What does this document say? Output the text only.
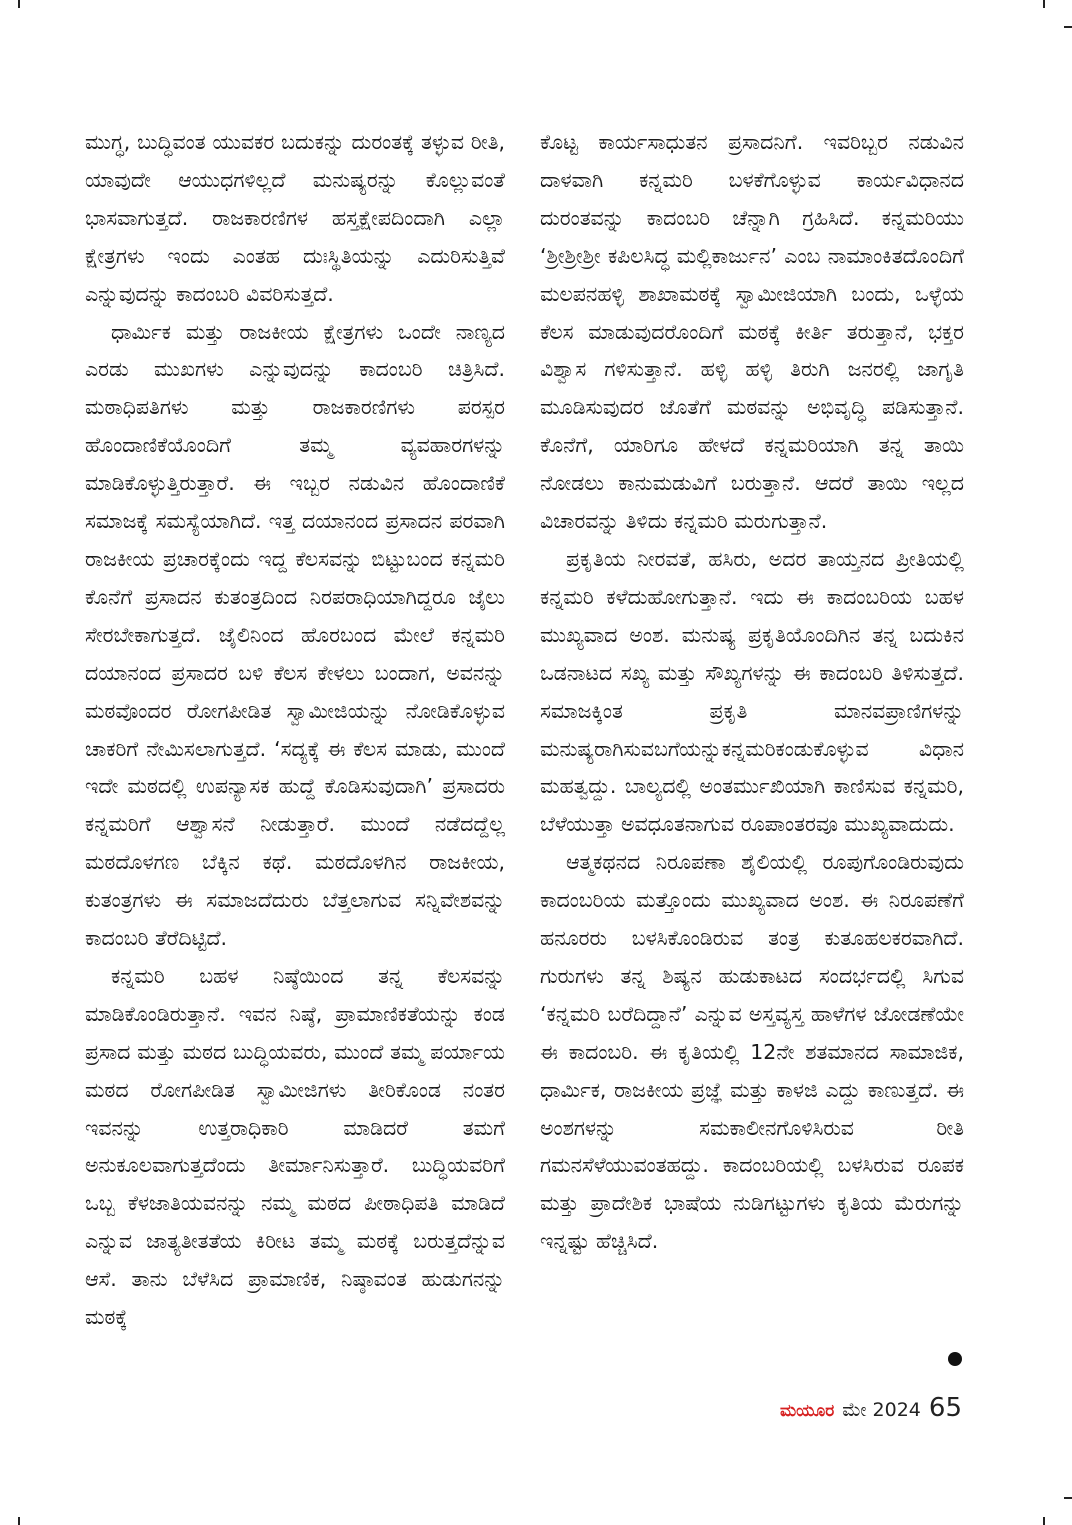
ಮುಗ್ಧ, ಬುದ್ಧಿವಂತ ಯುವಕರ ಬದುಕನ್ನು ದುರಂತಕ್ಕೆ ತಳ್ಳುವ ರೀತಿ, ಯಾವುದೇ ಆಯುಧಗಳಿಲ್ಲದೆ ಮನುಷ್ಯರನ್ನು ಕೊಲ್ಲುವಂತೆ ಭಾಸವಾಗುತ್ತದೆ. ರಾಜಕಾರಣಿಗಳ ಹಸ್ತಕ್ಷೇಪದಿಂದಾಗಿ ಎಲ್ಲಾ ಕ್ಷೇತ್ರಗಳು ಇಂದು ಎಂತಹ ದುಃಸ್ಥಿತಿಯನ್ನು ಎದುರಿಸುತ್ತಿವೆ ಎನ್ನುವುದನ್ನು ಕಾದಂಬರಿ ವಿವರಿಸುತ್ತದೆ.

ಧಾರ್ಮಿಕ ಮತ್ತು ರಾಜಕೀಯ ಕ್ಷೇತ್ರಗಳು ಒಂದೇ ನಾಣ್ಯದ ಎರಡು ಮುಖಗಳು ಎನ್ನುವುದನ್ನು ಕಾದಂಬರಿ ಚಿತ್ರಿಸಿದೆ. ಮಠಾಧಿಪತಿಗಳು ಮತ್ತು ರಾಜಕಾರಣಿಗಳು ಪರಸ್ಪರ ಹೊಂದಾಣಿಕೆಯೊಂದಿಗೆ ತಮ್ಮ ವ್ಯವಹಾರಗಳನ್ನು ಮಾಡಿಕೊಳ್ಳುತ್ತಿರುತ್ತಾರೆ. ಈ ಇಬ್ಬರ ನಡುವಿನ ಹೊಂದಾಣಿಕೆ ಸಮಾಜಕ್ಕೆ ಸಮಸ್ಯೆಯಾಗಿದೆ. ಇತ್ತ ದಯಾನಂದ ಪ್ರಸಾದನ ಪರವಾಗಿ ರಾಜಕೀಯ ಪ್ರಚಾರಕ್ಕೆಂದು ಇದ್ದ ಕೆಲಸವನ್ನು ಬಿಟ್ಟುಬಂದ ಕನ್ನಮರಿ ಕೊನೆಗೆ ಪ್ರಸಾದನ ಕುತಂತ್ರದಿಂದ ನಿರಪರಾಧಿಯಾಗಿದ್ದರೂ ಜೈಲು ಸೇರಬೇಕಾಗುತ್ತದೆ. ಜೈಲಿನಿಂದ ಹೊರಬಂದ ಮೇಲೆ ಕನ್ನಮರಿ ದಯಾನಂದ ಪ್ರಸಾದರ ಬಳಿ ಕೆಲಸ ಕೇಳಲು ಬಂದಾಗ, ಅವನನ್ನು ಮಠವೊಂದರ ರೋಗಪೀಡಿತ ಸ್ವಾಮೀಜಿಯನ್ನು ನೋಡಿಕೊಳ್ಳುವ ಚಾಕರಿಗೆ ನೇಮಿಸಲಾಗುತ್ತದೆ. ‘ಸದ್ಯಕ್ಕೆ ಈ ಕೆಲಸ ಮಾಡು, ಮುಂದೆ ಇದೇ ಮಠದಲ್ಲಿ ಉಪನ್ಯಾಸಕ ಹುದ್ದೆ ಕೊಡಿಸುವುದಾಗಿ’ ಪ್ರಸಾದರು ಕನ್ನಮರಿಗೆ ಆಶ್ವಾಸನೆ ನೀಡುತ್ತಾರೆ. ಮುಂದೆ ನಡೆದದ್ದೆಲ್ಲ ಮಠದೊಳಗಣ ಬೆಕ್ಕಿನ ಕಥೆ. ಮಠದೊಳಗಿನ ರಾಜಕೀಯ, ಕುತಂತ್ರಗಳು ಈ ಸಮಾಜದೆದುರು ಬೆತ್ತಲಾಗುವ ಸನ್ನಿವೇಶವನ್ನು ಕಾದಂಬರಿ ತೆರೆದಿಟ್ಟಿದೆ.

ಕನ್ನಮರಿ ಬಹಳ ನಿಷ್ಠೆಯಿಂದ ತನ್ನ ಕೆಲಸವನ್ನು ಮಾಡಿಕೊಂಡಿರುತ್ತಾನೆ. ಇವನ ನಿಷ್ಠೆ, ಪ್ರಾಮಾಣಿಕತೆಯನ್ನು ಕಂಡ ಪ್ರಸಾದ ಮತ್ತು ಮಠದ ಬುದ್ಧಿಯವರು, ಮುಂದೆ ತಮ್ಮ ಪರ್ಯಾಯ ಮಠದ ರೋಗಪೀಡಿತ ಸ್ವಾಮೀಜಿಗಳು ತೀರಿಕೊಂಡ ನಂತರ ಇವನನ್ನು ಉತ್ತರಾಧಿಕಾರಿ ಮಾಡಿದರೆ ತಮಗೆ ಅನುಕೂಲವಾಗುತ್ತದೆಂದು ತೀರ್ಮಾನಿಸುತ್ತಾರೆ. ಬುದ್ಧಿಯವರಿಗೆ ಒಬ್ಬ ಕೆಳಜಾತಿಯವನನ್ನು ನಮ್ಮ ಮಠದ ಪೀಠಾಧಿಪತಿ ಮಾಡಿದೆ ಎನ್ನುವ ಜಾತ್ಯತೀತತೆಯ ಕಿರೀಟ ತಮ್ಮ ಮಠಕ್ಕೆ ಬರುತ್ತದೆನ್ನುವ ಆಸೆ. ತಾನು ಬೆಳೆಸಿದ ಪ್ರಾಮಾಣಿಕ, ನಿಷ್ಠಾವಂತ ಹುಡುಗನನ್ನು ಮಠಕ್ಕೆ

ಕೊಟ್ಟ ಕಾರ್ಯಸಾಧುತನ ಪ್ರಸಾದನಿಗೆ. ಇವರಿಬ್ಬರ ನಡುವಿನ ದಾಳವಾಗಿ ಕನ್ನಮರಿ ಬಳಕೆಗೊಳ್ಳುವ ಕಾರ್ಯವಿಧಾನದ ದುರಂತವನ್ನು ಕಾದಂಬರಿ ಚೆನ್ನಾಗಿ ಗ್ರಹಿಸಿದೆ. ಕನ್ನಮರಿಯು ‘ಶ್ರೀಶ್ರೀಶ್ರೀ ಕಪಿಲಸಿದ್ಧ ಮಲ್ಲಿಕಾರ್ಜುನ’ ಎಂಬ ನಾಮಾಂಕಿತದೊಂದಿಗೆ ಮಲಪನಹಳ್ಳಿ ಶಾಖಾಮಠಕ್ಕೆ ಸ್ವಾಮೀಜಿಯಾಗಿ ಬಂದು, ಒಳ್ಳೆಯ ಕೆಲಸ ಮಾಡುವುದರೊಂದಿಗೆ ಮಠಕ್ಕೆ ಕೀರ್ತಿ ತರುತ್ತಾನೆ, ಭಕ್ತರ ವಿಶ್ವಾಸ ಗಳಿಸುತ್ತಾನೆ. ಹಳ್ಳಿ ಹಳ್ಳಿ ತಿರುಗಿ ಜನರಲ್ಲಿ ಜಾಗೃತಿ ಮೂಡಿಸುವುದರ ಜೊತೆಗೆ ಮಠವನ್ನು ಅಭಿವೃದ್ಧಿ ಪಡಿಸುತ್ತಾನೆ. ಕೊನೆಗೆ, ಯಾರಿಗೂ ಹೇಳದೆ ಕನ್ನಮರಿಯಾಗಿ ತನ್ನ ತಾಯಿ ನೋಡಲು ಕಾನುಮಡುವಿಗೆ ಬರುತ್ತಾನೆ. ಆದರೆ ತಾಯಿ ಇಲ್ಲದ ವಿಚಾರವನ್ನು ತಿಳಿದು ಕನ್ನಮರಿ ಮರುಗುತ್ತಾನೆ.

ಪ್ರಕೃತಿಯ ನೀರವತೆ, ಹಸಿರು, ಅದರ ತಾಯ್ತನದ ಪ್ರೀತಿಯಲ್ಲಿ ಕನ್ನಮರಿ ಕಳೆದುಹೋಗುತ್ತಾನೆ. ಇದು ಈ ಕಾದಂಬರಿಯ ಬಹಳ ಮುಖ್ಯವಾದ ಅಂಶ. ಮನುಷ್ಯ ಪ್ರಕೃತಿಯೊಂದಿಗಿನ ತನ್ನ ಬದುಕಿನ ಒಡನಾಟದ ಸಖ್ಯ ಮತ್ತು ಸೌಖ್ಯಗಳನ್ನು ಈ ಕಾದಂಬರಿ ತಿಳಿಸುತ್ತದೆ. ಸಮಾಜಕ್ಕಿಂತ ಪ್ರಕೃತಿ ಮಾನವಪ್ರಾಣಿಗಳನ್ನು ಮನುಷ್ಯರಾಗಿಸುವಬಗೆಯನ್ನುಕನ್ನಮರಿಕಂಡುಕೊಳ್ಳುವ ವಿಧಾನ ಮಹತ್ವದ್ದು. ಬಾಲ್ಯದಲ್ಲಿ ಅಂತರ್ಮುಖಿಯಾಗಿ ಕಾಣಿಸುವ ಕನ್ನಮರಿ, ಬೆಳೆಯುತ್ತಾ ಅವಧೂತನಾಗುವ ರೂಪಾಂತರವೂ ಮುಖ್ಯವಾದುದು.

ಆತ್ಮಕಥನದ ನಿರೂಪಣಾ ಶೈಲಿಯಲ್ಲಿ ರೂಪುಗೊಂಡಿರುವುದು ಕಾದಂಬರಿಯ ಮತ್ತೊಂದು ಮುಖ್ಯವಾದ ಅಂಶ. ಈ ನಿರೂಪಣೆಗೆ ಹನೂರರು ಬಳಸಿಕೊಂಡಿರುವ ತಂತ್ರ ಕುತೂಹಲಕರವಾಗಿದೆ. ಗುರುಗಳು ತನ್ನ ಶಿಷ್ಯನ ಹುಡುಕಾಟದ ಸಂದರ್ಭದಲ್ಲಿ ಸಿಗುವ ‘ಕನ್ನಮರಿ ಬರೆದಿದ್ದಾನೆ’ ಎನ್ನುವ ಅಸ್ತವ್ಯಸ್ತ ಹಾಳೆಗಳ ಜೋಡಣೆಯೇ ಈ ಕಾದಂಬರಿ. ಈ ಕೃತಿಯಲ್ಲಿ 12ನೇ ಶತಮಾನದ ಸಾಮಾಜಿಕ, ಧಾರ್ಮಿಕ, ರಾಜಕೀಯ ಪ್ರಜ್ಞೆ ಮತ್ತು ಕಾಳಜಿ ಎದ್ದು ಕಾಣುತ್ತದೆ. ಈ ಅಂಶಗಳನ್ನು ಸಮಕಾಲೀನಗೊಳಿಸಿರುವ ರೀತಿ ಗಮನಸೆಳೆಯುವಂತಹದ್ದು. ಕಾದಂಬರಿಯಲ್ಲಿ ಬಳಸಿರುವ ರೂಪಕ ಮತ್ತು ಪ್ರಾದೇಶಿಕ ಭಾಷೆಯ ನುಡಿಗಟ್ಟುಗಳು ಕೃತಿಯ ಮೆರುಗನ್ನು ಇನ್ನಷ್ಟು ಹೆಚ್ಚಿಸಿದೆ.

ಮಯೂರ ಮೇ 2024 65
